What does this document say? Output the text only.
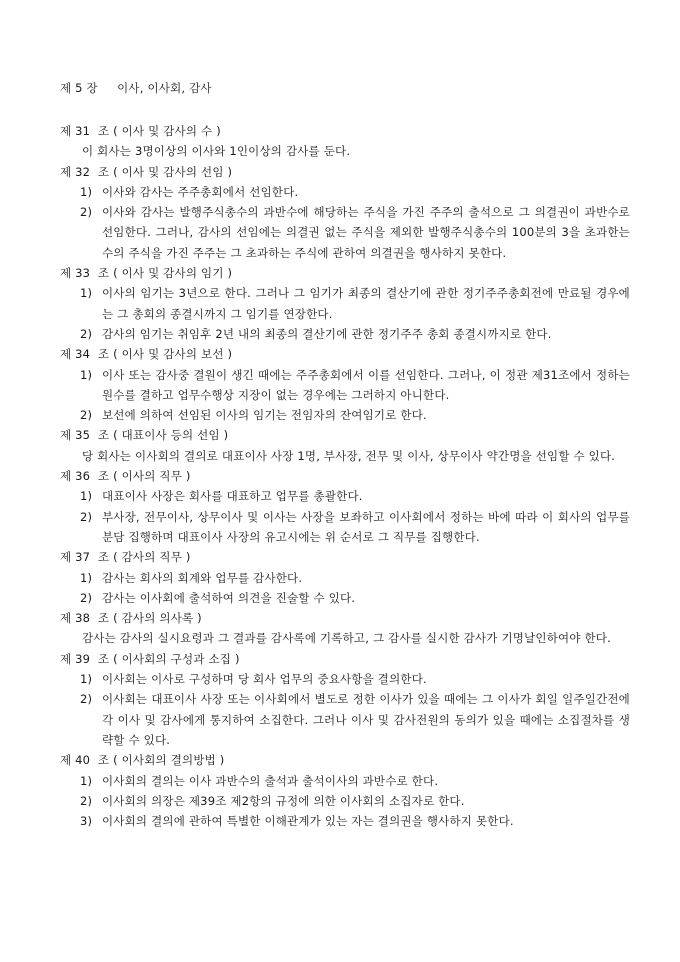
제 5 장     이사, 이사회, 감사
제 31  조 ( 이사 및 감사의 수 )
이 회사는 3명이상의 이사와 1인이상의 감사를 둔다.
제 32  조 ( 이사 및 감사의 선임 )
1) 이사와 감사는 주주총회에서 선임한다.
2) 이사와 감사는 발행주식총수의 과반수에 해당하는 주식을 가진 주주의 출석으로 그 의결권이 과반수로 선임한다. 그러나, 감사의 선임에는 의결권 없는 주식을 제외한 발행주식총수의 100분의 3을 초과한는 수의 주식을 가진 주주는 그 초과하는 주식에 관하여 의결권을 행사하지 못한다.
제 33  조 ( 이사 및 감사의 임기 )
1) 이사의 임기는 3년으로 한다. 그러나 그 임기가 최종의 결산기에 관한 정기주주총회전에 만료될 경우에는 그 총회의 종결시까지 그 임기를 연장한다.
2) 감사의 임기는 취임후 2년 내의 최종의 결산기에 관한 정기주주 총회 종결시까지로 한다.
제 34  조 ( 이사 및 감사의 보선 )
1) 이사 또는 감사중 결원이 생긴 때에는 주주총회에서 이를 선임한다. 그러나, 이 정관 제31조에서 정하는 원수를 결하고 업무수행상 지장이 없는 경우에는 그러하지 아니한다.
2) 보선에 의하여 선임된 이사의 임기는 전임자의 잔여임기로 한다.
제 35  조 ( 대표이사 등의 선임 )
당 회사는 이사회의 결의로 대표이사 사장 1명, 부사장, 전무 및 이사, 상무이사 약간명을 선임할 수 있다.
제 36  조 ( 이사의 직무 )
1) 대표이사 사장은 회사를 대표하고 업무를 총괄한다.
2) 부사장, 전무이사, 상무이사 및 이사는 사장을 보좌하고 이사회에서 정하는 바에 따라 이 회사의 업무를 분담 집행하며 대표이사 사장의 유고시에는 위 순서로 그 직무를 집행한다.
제 37  조 ( 감사의 직무 )
1) 감사는 회사의 회계와 업무를 감사한다.
2) 감사는 이사회에 출석하여 의견을 진술할 수 있다.
제 38  조 ( 감사의 의사록 )
감사는 감사의 실시요령과 그 결과를 감사록에 기록하고, 그 감사를 실시한 감사가 기명날인하여야 한다.
제 39  조 ( 이사회의 구성과 소집 )
1) 이사회는 이사로 구성하며 당 회사 업무의 중요사항을 결의한다.
2) 이사회는 대표이사 사장 또는 이사회에서 별도로 정한 이사가 있을 때에는 그 이사가 회일 일주일간전에 각 이사 및 감사에게 통지하여 소집한다. 그러나 이사 및 감사전원의 동의가 있을 때에는 소집절차를 생략할 수 있다.
제 40  조 ( 이사회의 결의방법 )
1) 이사회의 결의는 이사 과반수의 출석과 출석이사의 과반수로 한다.
2) 이사회의 의장은 제39조 제2항의 규정에 의한 이사회의 소집자로 한다.
3) 이사회의 결의에 관하여 특별한 이해관계가 있는 자는 결의권을 행사하지 못한다.
